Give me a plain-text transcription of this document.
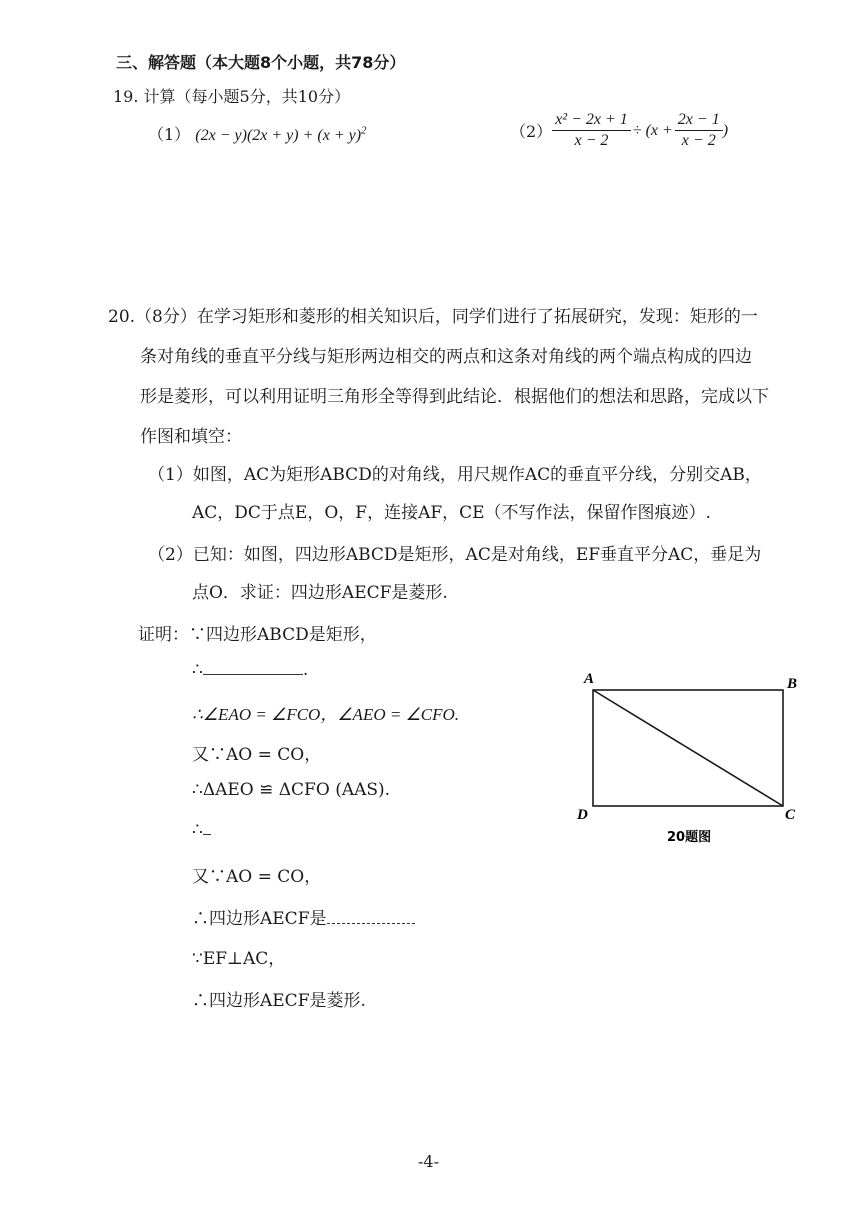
三、解答题（本大题8个小题，共78分）
19. 计算（每小题5分，共10分）
（1） $(2x - y)(2x + y) + (x + y)^2$	$(2) \frac{\text{x² − 2x + 1}}{x - 2} \div (x + \frac{2x - 1}{x - 2}$ )
20.（8分）在学习矩形和菱形的相关知识后，同学们进行了拓展研究，发现：矩形的一
条对角线的垂直平分线与矩形两边相交的两点和这条对角线的两个端点构成的四边
形是菱形，可以利用证明三角形全等得到此结论．根据他们的想法和思路，完成以下
作图和填空：
（1）如图，AC为矩形ABCD的对角线，用尺规作AC的垂直平分线，分别交AB，
AC，DC于点E，O，F，连接AF，CE（不写作法，保留作图痕迹）.
（2）已知：如图，四边形ABCD是矩形，AC是对角线，EF垂直平分AC，垂足为
点O．求证：四边形AECF是菱形.
证明：∵四边形ABCD是矩形，
∴	.
∴∠EAO = ∠FCO，∠AEO = ∠CFO.
又∵AO = CO，
∴ΔAEO ≌ ΔCFO (AAS).
∴
又∵AO = CO，
∴四边形AECF是
∵EF⊥AC，
∴四边形AECF是菱形.
A	B
D	C
20题图
-4-
